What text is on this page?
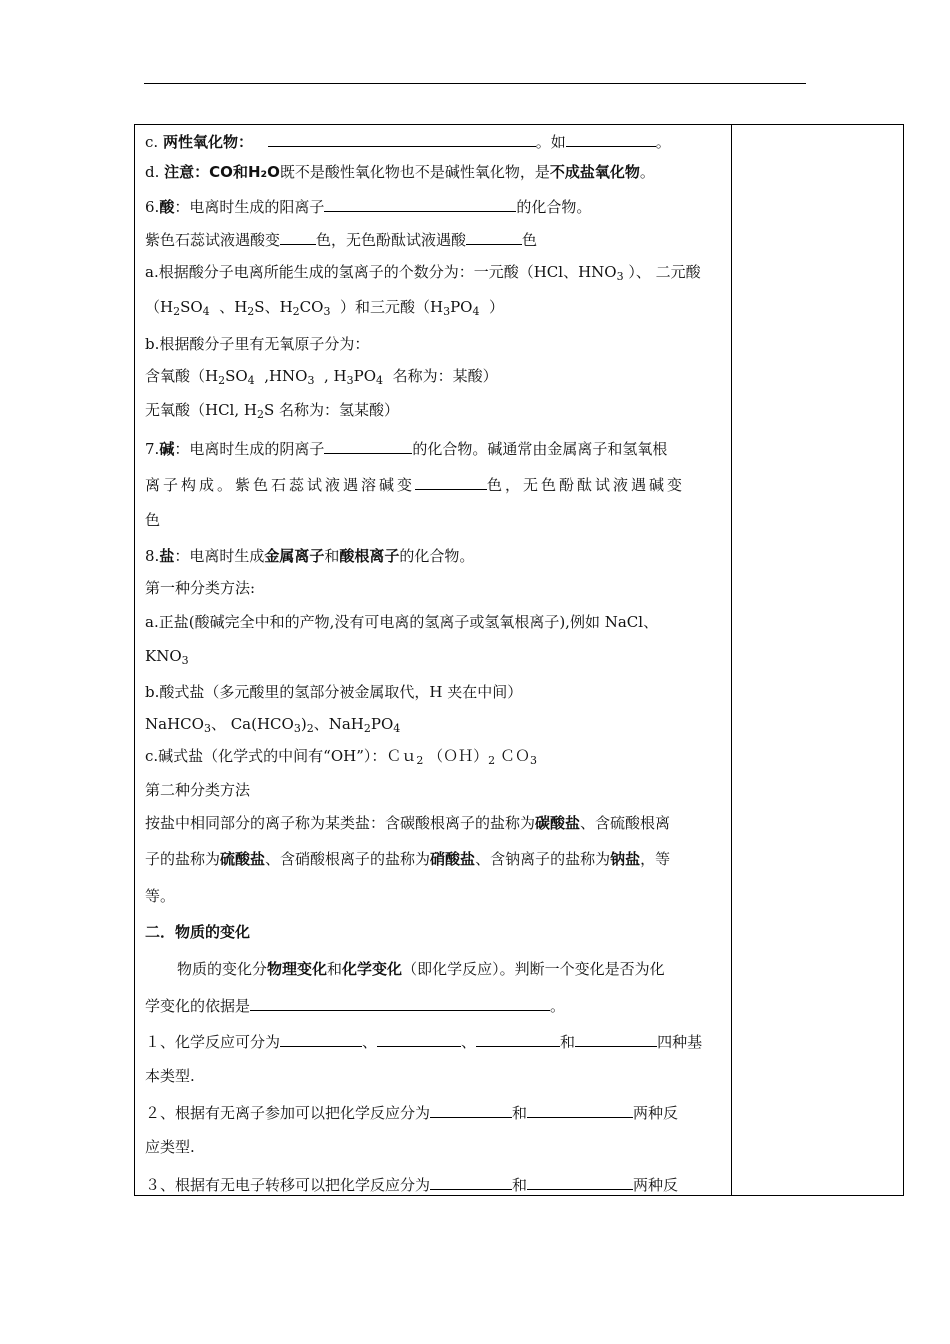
c. 两性氧化物：	。如	。
d. 注意：CO和H₂O既不是酸性氧化物也不是碱性氧化物，是不成盐氧化物。
6.酸：电离时生成的阳离子	的化合物。
紫色石蕊试液遇酸变 色，无色酚酞试液遇酸	色
a.根据酸分子电离所能生成的氢离子的个数分为：一元酸（HCl、$HNO_3$ ）、 二元酸
（$H_2SO_4$  、$H_2S$、$H_2CO_3$  ）和三元酸（$H_3PO_4$  ）
b.根据酸分子里有无氧原子分为：
含氧酸（$H_2SO_4$  $,HNO_3$  , $H_3PO_4$  名称为：某酸）
无氧酸（HCl, $H_2S$ 名称为：氢某酸）
7.碱：电离时生成的阴离子	的化合物。碱通常由金属离子和氢氧根
离子构成。紫色石蕊试液遇溶碱变	色，无色酚酞试液遇碱变
色
8.盐：电离时生成金属离子和酸根离子的化合物。
第一种分类方法:
a.正盐(酸碱完全中和的产物,没有可电离的氢离子或氢氧根离子),例如 NaCl、
$KNO_3$
b.酸式盐（多元酸里的氢部分被金属取代，H 夹在中间）
NaHCO$_3$、 $Ca(HCO_3)_2$、$NaH_2PO_4$
c.碱式盐（化学式的中间有“OH”）：Ｃｕ$_2$ $(OH)_2$ ＣＯ$_3$
第二种分类方法
按盐中相同部分的离子称为某类盐：含碳酸根离子的盐称为碳酸盐、含硫酸根离
子的盐称为硫酸盐、含硝酸根离子的盐称为硝酸盐、含钠离子的盐称为钠盐，等
等。
二．物质的变化
物质的变化分物理变化和化学变化（即化学反应）。判断一个变化是否为化
学变化的依据是	。
１、化学反应可分为	、	、	和	四种基
本类型.
２、根据有无离子参加可以把化学反应分为	和	两种反
应类型.
３、根据有无电子转移可以把化学反应分为	和	两种反
